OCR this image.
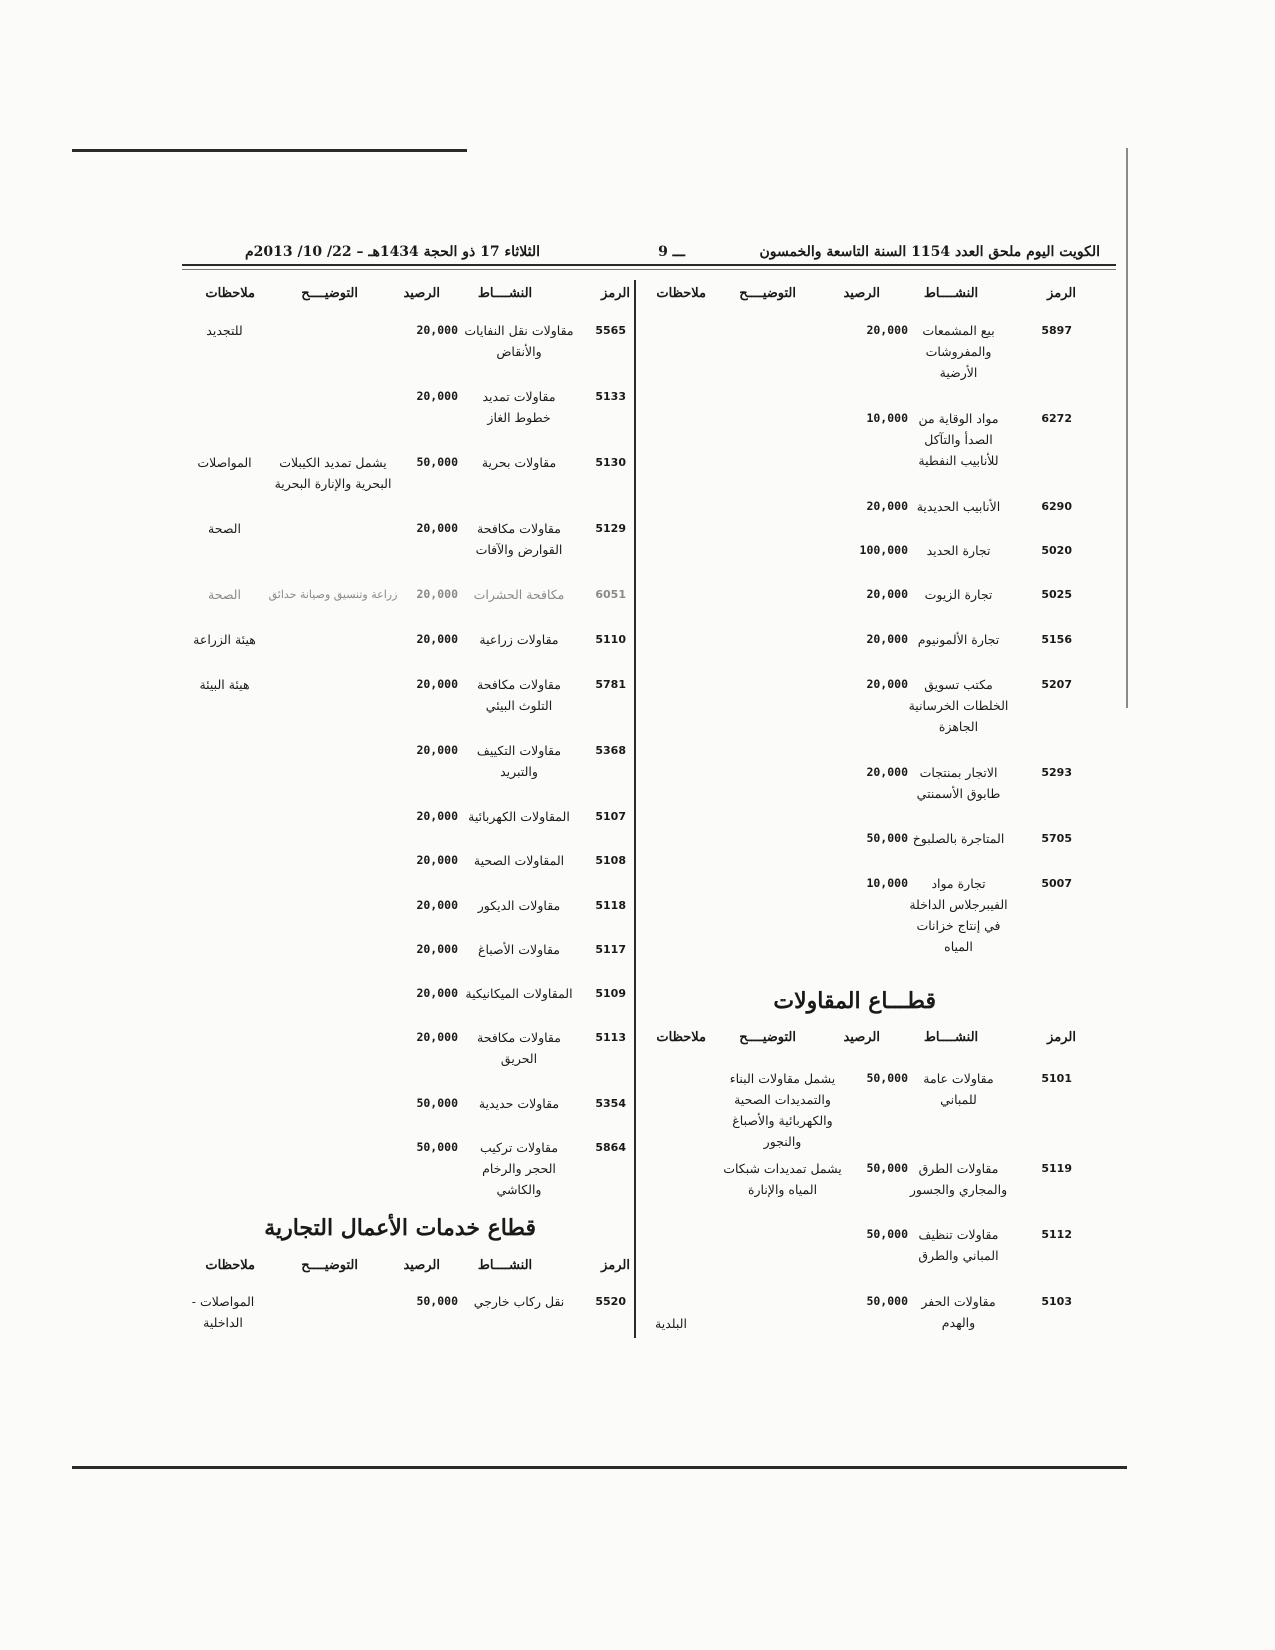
الكويت اليوم ملحق العدد 1154 السنة التاسعة والخمسون
ـــ 9
الثلاثاء 17 ذو الحجة 1434هـ – 22/ 10/ 2013م
الرمز
النشــــاط
الرصيد
التوضيــــح
ملاحظات
5897
بيع المشمعات والمفروشات الأرضية
20,000
6272
مواد الوقاية من الصدأ والتآكل للأنابيب النفطية
10,000
6290
الأنابيب الحديدية
20,000
5020
تجارة الحديد
100,000
5025
تجارة الزيوت
20,000
5156
تجارة الألمونيوم
20,000
5207
مكتب تسويق الخلطات الخرسانية الجاهزة
20,000
5293
الاتجار بمنتجات طابوق الأسمنتي
20,000
5705
المتاجرة بالصلبوخ
50,000
5007
تجارة مواد الفيبرجلاس الداخلة في إنتاج خزانات المياه
10,000
قطـــاع المقاولات
الرمز
النشــــاط
الرصيد
التوضيــــح
ملاحظات
5101
مقاولات عامة للمباني
50,000
يشمل مقاولات البناء والتمديدات الصحية والكهربائية والأصباغ والنجور
5119
مقاولات الطرق والمجاري والجسور
50,000
يشمل تمديدات شبكات المياه والإنارة
5112
مقاولات تنظيف المباني والطرق
50,000
5103
مقاولات الحفر والهدم
50,000
البلدية
الرمز
النشــــاط
الرصيد
التوضيــــح
ملاحظات
5565
مقاولات نقل النفايات والأنقاض
20,000
للتجديد
5133
مقاولات تمديد خطوط الغاز
20,000
5130
مقاولات بحرية
50,000
يشمل تمديد الكيبلات البحرية والإنارة البحرية
المواصلات
5129
مقاولات مكافحة القوارض والآفات
20,000
الصحة
6051
مكافحة الحشرات
20,000
زراعة وتنسيق وصيانة حدائق
الصحة
5110
مقاولات زراعية
20,000
هيئة الزراعة
5781
مقاولات مكافحة التلوث البيئي
20,000
هيئة البيئة
5368
مقاولات التكييف والتبريد
20,000
5107
المقاولات الكهربائية
20,000
5108
المقاولات الصحية
20,000
5118
مقاولات الديكور
20,000
5117
مقاولات الأصباغ
20,000
5109
المقاولات الميكانيكية
20,000
5113
مقاولات مكافحة الحريق
20,000
5354
مقاولات حديدية
50,000
5864
مقاولات تركيب الحجر والرخام والكاشي
50,000
قطاع خدمات الأعمال التجارية
الرمز
النشــــاط
الرصيد
التوضيــــح
ملاحظات
5520
نقل ركاب خارجي
50,000
المواصلات - الداخلية
